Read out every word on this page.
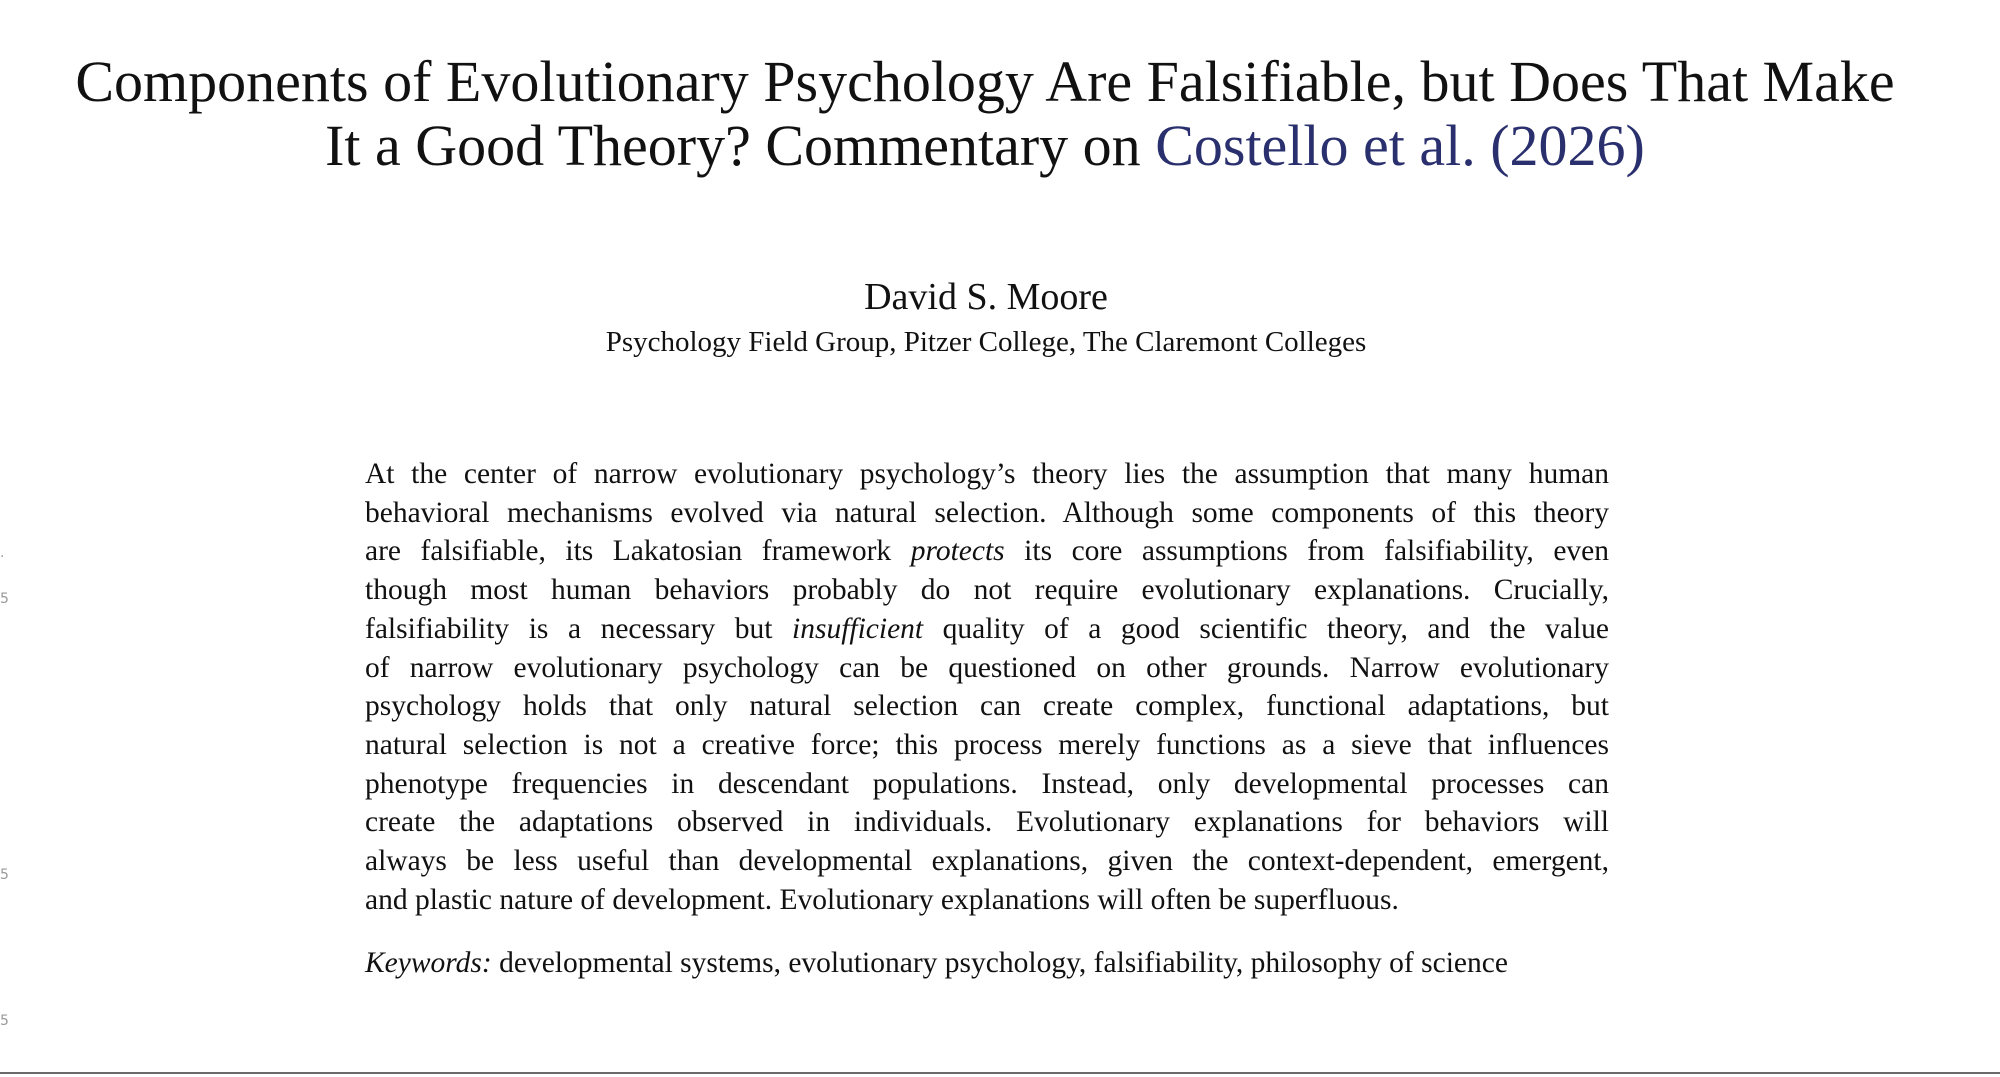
Components of Evolutionary Psychology Are Falsifiable, but Does That Make It a Good Theory? Commentary on Costello et al. (2026)
David S. Moore
Psychology Field Group, Pitzer College, The Claremont Colleges
At the center of narrow evolutionary psychology’s theory lies the assumption that many human
behavioral mechanisms evolved via natural selection. Although some components of this theory
are falsifiable, its Lakatosian framework protects its core assumptions from falsifiability, even
though most human behaviors probably do not require evolutionary explanations. Crucially,
falsifiability is a necessary but insufficient quality of a good scientific theory, and the value
of narrow evolutionary psychology can be questioned on other grounds. Narrow evolutionary
psychology holds that only natural selection can create complex, functional adaptations, but
natural selection is not a creative force; this process merely functions as a sieve that influences
phenotype frequencies in descendant populations. Instead, only developmental processes can
create the adaptations observed in individuals. Evolutionary explanations for behaviors will
always be less useful than developmental explanations, given the context-dependent, emergent,
and plastic nature of development. Evolutionary explanations will often be superfluous.

Keywords: developmental systems, evolutionary psychology, falsifiability, philosophy of science

·
5
5
5
